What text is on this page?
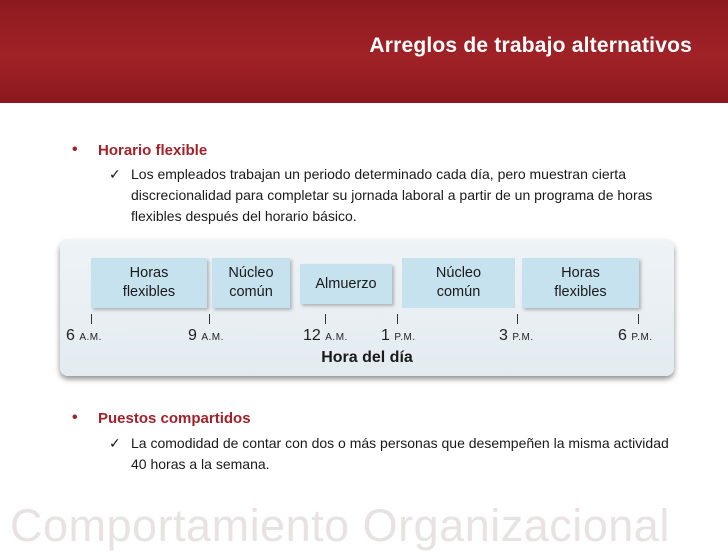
Arreglos de trabajo alternativos
• Horario flexible
✓ Los empleados trabajan un periodo determinado cada día, pero muestran cierta discrecionalidad para completar su jornada laboral a partir de un programa de horas flexibles después del horario básico.
Horas
flexibles
Núcleo
común
Almuerzo
Núcleo
común
Horas
flexibles
6 A.M.	9 A.M.	12 A.M. 1 P.M.	3 P.M.	6 P.M.
Hora del día
• Puestos compartidos
✓ La comodidad de contar con dos o más personas que desempeñen la misma actividad 40 horas a la semana.
Comportamiento Organizacional
